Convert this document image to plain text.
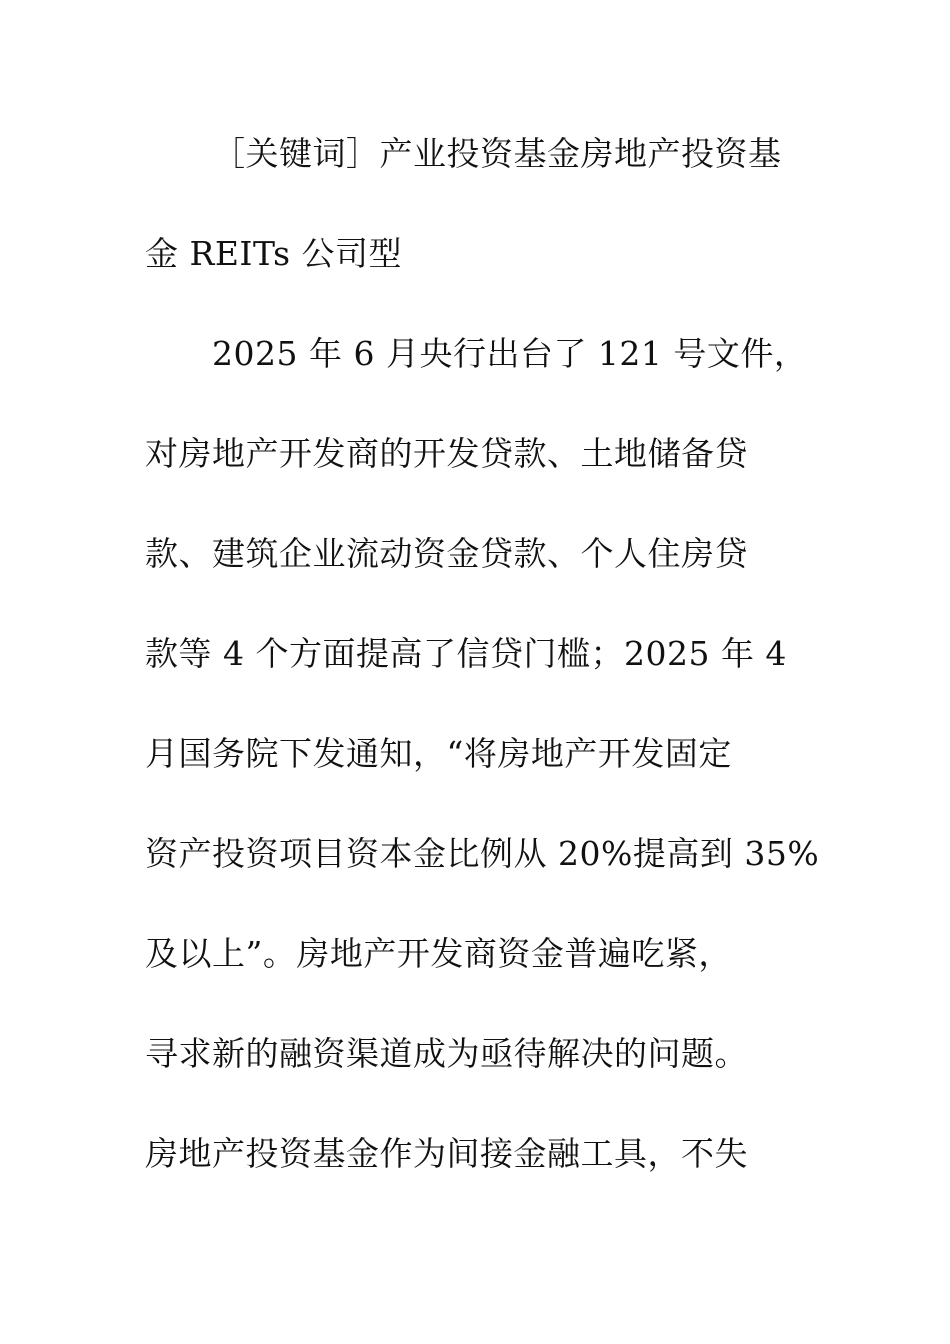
［关键词］产业投资基金房地产投资基
金 REITs 公司型
2025 年 6 月央行出台了 121 号文件，
对房地产开发商的开发贷款、土地储备贷
款、建筑企业流动资金贷款、个人住房贷
款等 4 个方面提高了信贷门槛；2025 年 4
月国务院下发通知，“将房地产开发固定
资产投资项目资本金比例从 20%提高到 35%
及以上”。房地产开发商资金普遍吃紧，
寻求新的融资渠道成为亟待解决的问题。
房地产投资基金作为间接金融工具，不失
